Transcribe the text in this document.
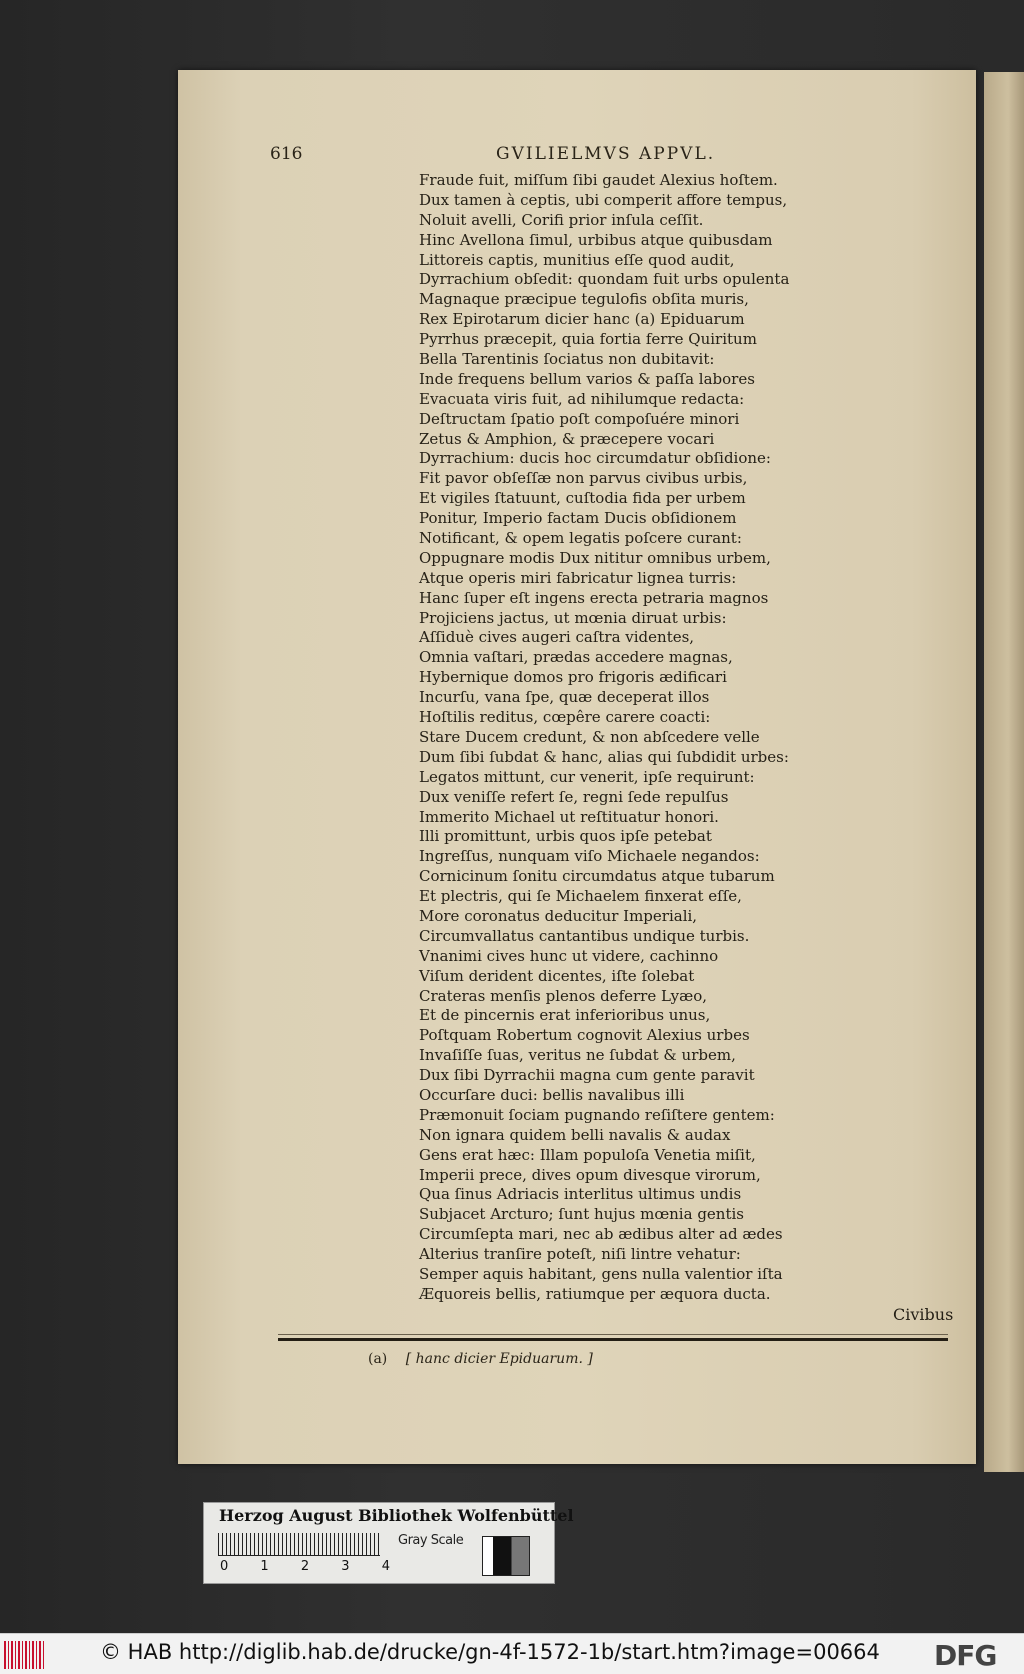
616	GVILIELMVS APPVL.
Fraude fuit, miſſum ſibi gaudet Alexius hoſtem.
Dux tamen à ceptis, ubi comperit affore tempus,
Noluit avelli, Corifi prior inſula ceſſit.
Hinc Avellona ſimul, urbibus atque quibusdam
Littoreis captis, munitius eſſe quod audit,
Dyrrachium obſedit: quondam fuit urbs opulenta
Magnaque præcipue tegulofis obſita muris,
Rex Epirotarum dicier hanc (a) Epiduarum
Pyrrhus præcepit, quia fortia ferre Quiritum
Bella Tarentinis ſociatus non dubitavit:
Inde frequens bellum varios & paſſa labores
Evacuata viris fuit, ad nihilumque redacta:
Deſtructam ſpatio poſt compoſuére minori
Zetus & Amphion, & præcepere vocari
Dyrrachium: ducis hoc circumdatur obſidione:
Fit pavor obſeſſæ non parvus civibus urbis,
Et vigiles ſtatuunt, cuſtodia fida per urbem
Ponitur, Imperio factam Ducis obſidionem
Notificant, & opem legatis poſcere curant:
Oppugnare modis Dux nititur omnibus urbem,
Atque operis miri fabricatur lignea turris:
Hanc ſuper eſt ingens erecta petraria magnos
Projiciens jactus, ut mœnia diruat urbis:
Aſſiduè cives augeri caſtra videntes,
Omnia vaſtari, prædas accedere magnas,
Hybernique domos pro frigoris ædificari
Incurſu, vana ſpe, quæ deceperat illos
Hoſtilis reditus, cœpêre carere coacti:
Stare Ducem credunt, & non abſcedere velle
Dum ſibi ſubdat & hanc, alias qui ſubdidit urbes:
Legatos mittunt, cur venerit, ipſe requirunt:
Dux veniſſe refert ſe, regni ſede repulſus
Immerito Michael ut reſtituatur honori.
Illi promittunt, urbis quos ipſe petebat
Ingreſſus, nunquam viſo Michaele negandos:
Cornicinum ſonitu circumdatus atque tubarum
Et plectris, qui ſe Michaelem finxerat eſſe,
More coronatus deducitur Imperiali,
Circumvallatus cantantibus undique turbis.
Vnanimi cives hunc ut videre, cachinno
Viſum derident dicentes, iſte ſolebat
Crateras menſis plenos deferre Lyæo,
Et de pincernis erat inferioribus unus,
Poſtquam Robertum cognovit Alexius urbes
Invaſiſſe ſuas, veritus ne ſubdat & urbem,
Dux ſibi Dyrrachii magna cum gente paravit
Occurſare duci: bellis navalibus illi
Præmonuit ſociam pugnando reſiſtere gentem:
Non ignara quidem belli navalis & audax
Gens erat hæc: Illam populoſa Venetia miſit,
Imperii prece, dives opum divesque virorum,
Qua ſinus Adriacis interlitus ultimus undis
Subjacet Arcturo; ſunt hujus mœnia gentis
Circumſepta mari, nec ab ædibus alter ad ædes
Alterius tranſire poteſt, niſi lintre vehatur:
Semper aquis habitant, gens nulla valentior iſta
Æquoreis bellis, ratiumque per æquora ducta.
Civibus
(a) [ hanc dicier Epiduarum. ]
Herzog August Bibliothek Wolfenbüttel
0 1 2 3 4
Gray Scale
© HAB http://diglib.hab.de/drucke/gn-4f-1572-1b/start.htm?image=00664 DFG
